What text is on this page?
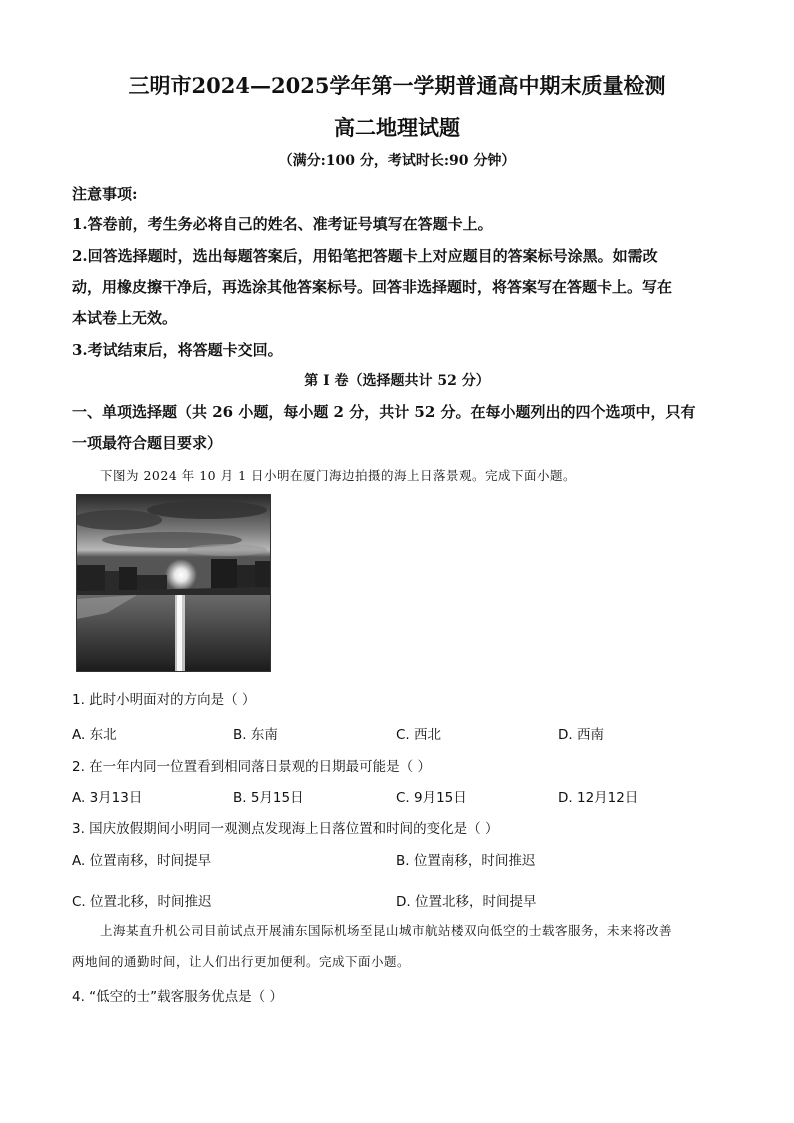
三明市2024—2025学年第一学期普通高中期末质量检测
高二地理试题
（满分:100 分，考试时长:90 分钟）
注意事项:
1.答卷前，考生务必将自己的姓名、准考证号填写在答题卡上。
2.回答选择题时，选出每题答案后，用铅笔把答题卡上对应题目的答案标号涂黑。如需改
动，用橡皮擦干净后，再选涂其他答案标号。回答非选择题时，将答案写在答题卡上。写在
本试卷上无效。
3.考试结束后，将答题卡交回。
第 I 卷（选择题共计 52 分）
一、单项选择题（共 26 小题，每小题 2 分，共计 52 分。在每小题列出的四个选项中，只有
一项最符合题目要求）
下图为 2024 年 10 月 1 日小明在厦门海边拍摄的海上日落景观。完成下面小题。
1. 此时小明面对的方向是（ ）
A. 东北	B. 东南	C. 西北	D. 西南
2. 在一年内同一位置看到相同落日景观的日期最可能是（ ）
A. 3月13日	B. 5月15日	C. 9月15日	D. 12月12日
3. 国庆放假期间小明同一观测点发现海上日落位置和时间的变化是（ ）
A. 位置南移，时间提早	B. 位置南移，时间推迟
C. 位置北移，时间推迟	D. 位置北移，时间提早
上海某直升机公司目前试点开展浦东国际机场至昆山城市航站楼双向低空的士载客服务，未来将改善
两地间的通勤时间，让人们出行更加便利。完成下面小题。
4. “低空的士”载客服务优点是（ ）
